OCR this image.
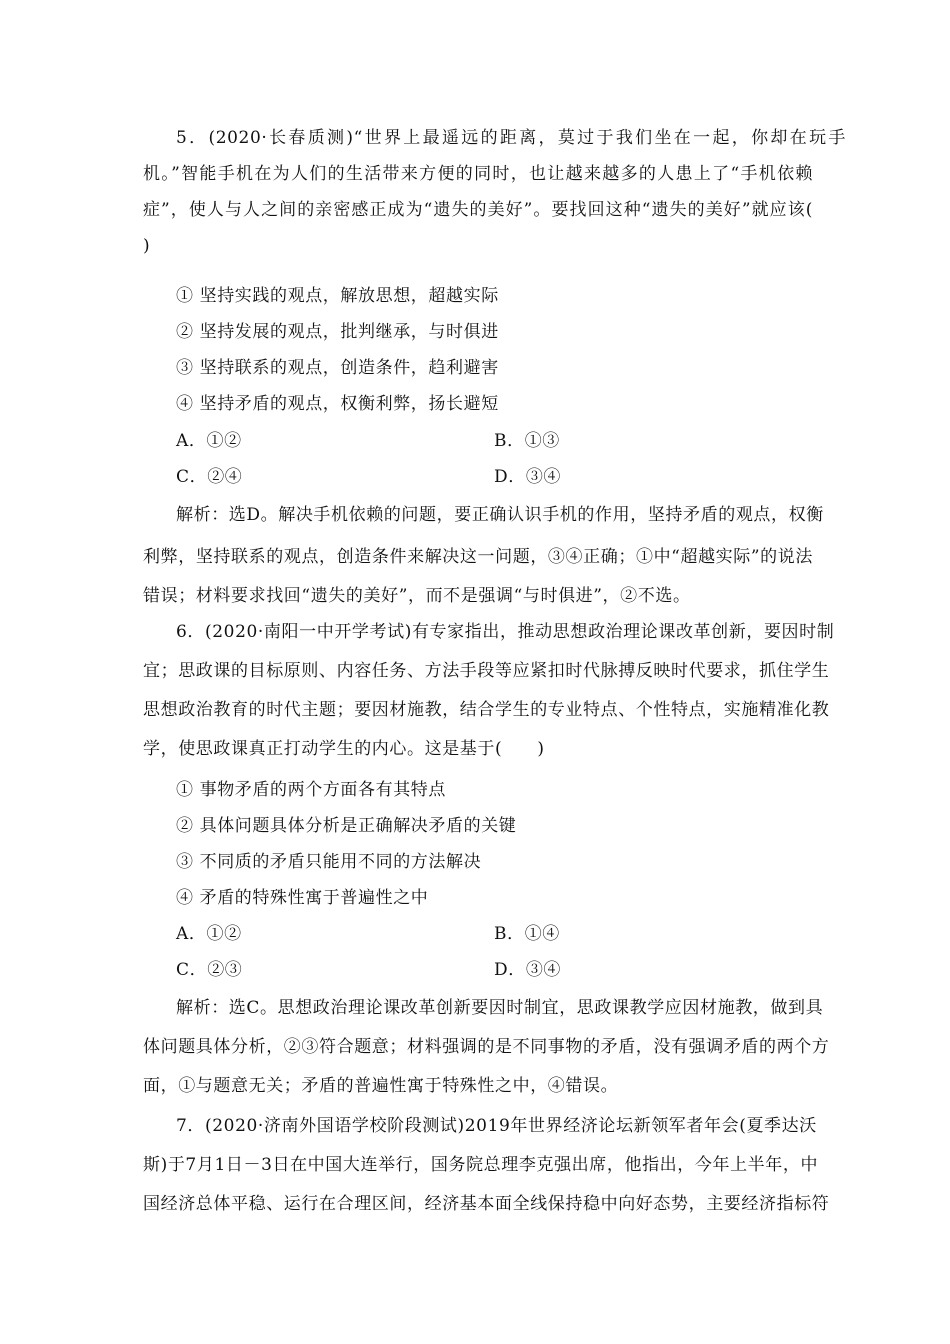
5．(2020·长春质测)“世界上最遥远的距离，莫过于我们坐在一起，你却在玩手
机。”智能手机在为人们的生活带来方便的同时，也让越来越多的人患上了“手机依赖
症”，使人与人之间的亲密感正成为“遗失的美好”。要找回这种“遗失的美好”就应该(
)
① 坚持实践的观点，解放思想，超越实际
② 坚持发展的观点，批判继承，与时俱进
③ 坚持联系的观点，创造条件，趋利避害
④ 坚持矛盾的观点，权衡利弊，扬长避短
A．①②	B．①③
C．②④	D．③④
解析：选D。解决手机依赖的问题，要正确认识手机的作用，坚持矛盾的观点，权衡
利弊，坚持联系的观点，创造条件来解决这一问题，③④正确；①中“超越实际”的说法
错误；材料要求找回“遗失的美好”，而不是强调“与时俱进”，②不选。
6．(2020·南阳一中开学考试)有专家指出，推动思想政治理论课改革创新，要因时制
宜；思政课的目标原则、内容任务、方法手段等应紧扣时代脉搏反映时代要求，抓住学生
思想政治教育的时代主题；要因材施教，结合学生的专业特点、个性特点，实施精准化教
学，使思政课真正打动学生的内心。这是基于(　　)
① 事物矛盾的两个方面各有其特点
② 具体问题具体分析是正确解决矛盾的关键
③ 不同质的矛盾只能用不同的方法解决
④ 矛盾的特殊性寓于普遍性之中
A．①②	B．①④
C．②③	D．③④
解析：选C。思想政治理论课改革创新要因时制宜，思政课教学应因材施教，做到具
体问题具体分析，②③符合题意；材料强调的是不同事物的矛盾，没有强调矛盾的两个方
面，①与题意无关；矛盾的普遍性寓于特殊性之中，④错误。
7．(2020·济南外国语学校阶段测试)2019年世界经济论坛新领军者年会(夏季达沃
斯)于7月1日－3日在中国大连举行，国务院总理李克强出席，他指出，今年上半年，中
国经济总体平稳、运行在合理区间，经济基本面全线保持稳中向好态势，主要经济指标符
